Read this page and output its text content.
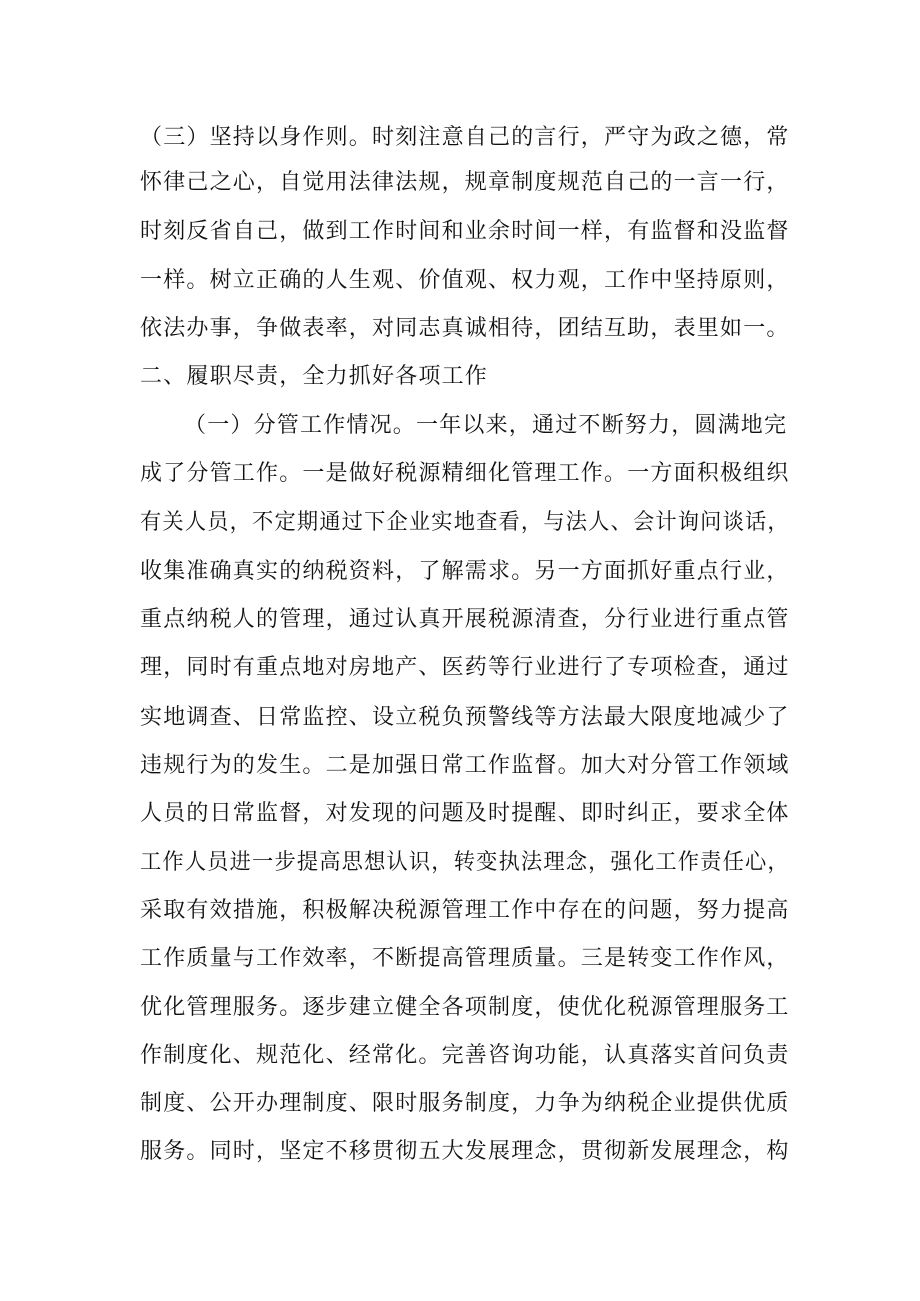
（三）坚持以身作则。时刻注意自己的言行，严守为政之德，常
怀律己之心，自觉用法律法规，规章制度规范自己的一言一行，
时刻反省自己，做到工作时间和业余时间一样，有监督和没监督
一样。树立正确的人生观、价值观、权力观，工作中坚持原则，
依法办事，争做表率，对同志真诚相待，团结互助，表里如一。
二、履职尽责，全力抓好各项工作
（一）分管工作情况。一年以来，通过不断努力，圆满地完
成了分管工作。一是做好税源精细化管理工作。一方面积极组织
有关人员，不定期通过下企业实地查看，与法人、会计询问谈话，
收集准确真实的纳税资料，了解需求。另一方面抓好重点行业，
重点纳税人的管理，通过认真开展税源清查，分行业进行重点管
理，同时有重点地对房地产、医药等行业进行了专项检查，通过
实地调查、日常监控、设立税负预警线等方法最大限度地减少了
违规行为的发生。二是加强日常工作监督。加大对分管工作领域
人员的日常监督，对发现的问题及时提醒、即时纠正，要求全体
工作人员进一步提高思想认识，转变执法理念，强化工作责任心，
采取有效措施，积极解决税源管理工作中存在的问题，努力提高
工作质量与工作效率，不断提高管理质量。三是转变工作作风，
优化管理服务。逐步建立健全各项制度，使优化税源管理服务工
作制度化、规范化、经常化。完善咨询功能，认真落实首问负责
制度、公开办理制度、限时服务制度，力争为纳税企业提供优质
服务。同时，坚定不移贯彻五大发展理念，贯彻新发展理念，构
